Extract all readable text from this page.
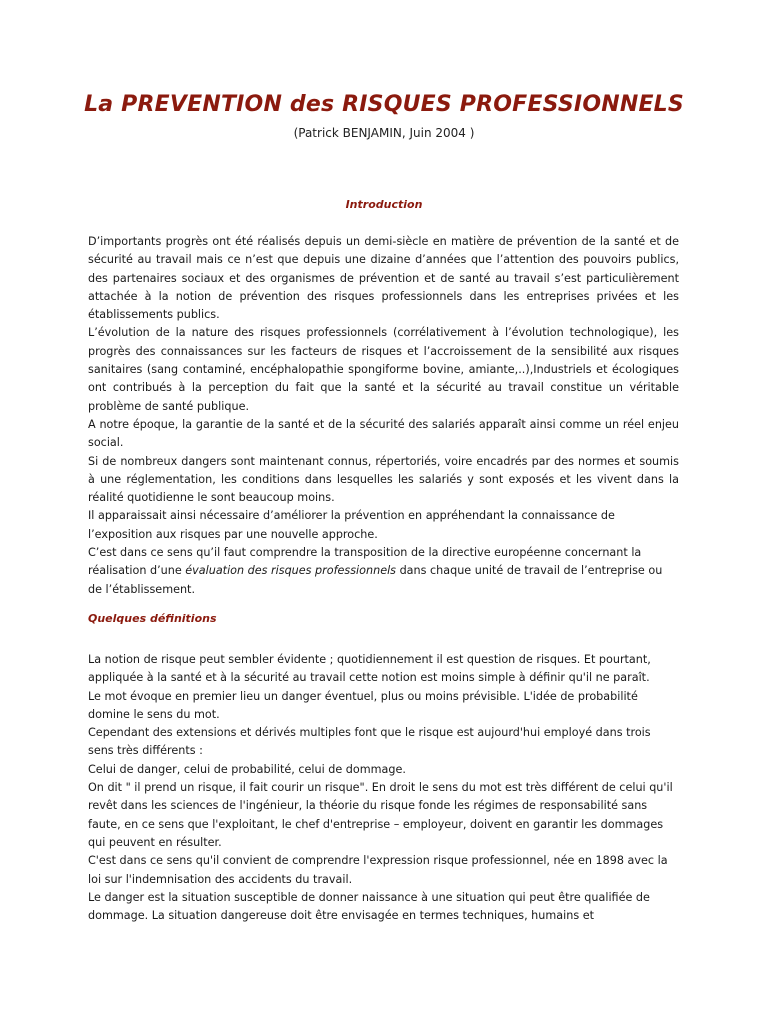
La PREVENTION des RISQUES PROFESSIONNELS
(Patrick BENJAMIN, Juin 2004 )
Introduction

D’importants progrès ont été réalisés depuis un demi-siècle en matière de prévention de la santé et de sécurité au travail mais ce n’est que depuis une dizaine d’années que l’attention des pouvoirs publics, des partenaires sociaux et des organismes de prévention et de santé au travail s’est particulièrement attachée à la notion de prévention des risques professionnels dans les entreprises privées et les établissements publics.

L’évolution de la nature des risques professionnels (corrélativement à l’évolution technologique), les progrès des connaissances sur les facteurs de risques et l’accroissement de la sensibilité aux risques sanitaires (sang contaminé, encéphalopathie spongiforme bovine, amiante,..),Industriels et écologiques ont contribués à la perception du fait que la santé et la sécurité au travail constitue un véritable problème de santé publique.

A notre époque, la garantie de la santé et de la sécurité des salariés apparaît ainsi comme un réel enjeu social.

Si de nombreux dangers sont maintenant connus, répertoriés, voire encadrés par des normes et soumis à une réglementation, les conditions dans lesquelles les salariés y sont exposés et les vivent dans la réalité quotidienne le sont beaucoup moins.

Il apparaissait ainsi nécessaire d’améliorer la prévention en appréhendant la connaissance de l’exposition aux risques par une nouvelle approche.

C’est dans ce sens qu’il faut comprendre la transposition de la directive européenne concernant la réalisation d’une évaluation des risques professionnels dans chaque unité de travail de l’entreprise ou de l’établissement.

Quelques définitions

La notion de risque peut sembler évidente ; quotidiennement il est question de risques. Et pourtant, appliquée à la santé et à la sécurité au travail cette notion est moins simple à définir qu'il ne paraît.

Le mot évoque en premier lieu un danger éventuel, plus ou moins prévisible. L'idée de probabilité domine le sens du mot.

Cependant des extensions et dérivés multiples font que le risque est aujourd'hui employé dans trois sens très différents :

Celui de danger, celui de probabilité, celui de dommage.

On dit " il prend un risque, il fait courir un risque". En droit le sens du mot est très différent de celui qu'il revêt dans les sciences de l'ingénieur, la théorie du risque fonde les régimes de responsabilité sans faute, en ce sens que l'exploitant, le chef d'entreprise – employeur, doivent en garantir les dommages qui peuvent en résulter.

C'est dans ce sens qu'il convient de comprendre l'expression risque professionnel, née en 1898 avec la loi sur l'indemnisation des accidents du travail.

Le danger est la situation susceptible de donner naissance à une situation qui peut être qualifiée de dommage. La situation dangereuse doit être envisagée en termes techniques, humains et
